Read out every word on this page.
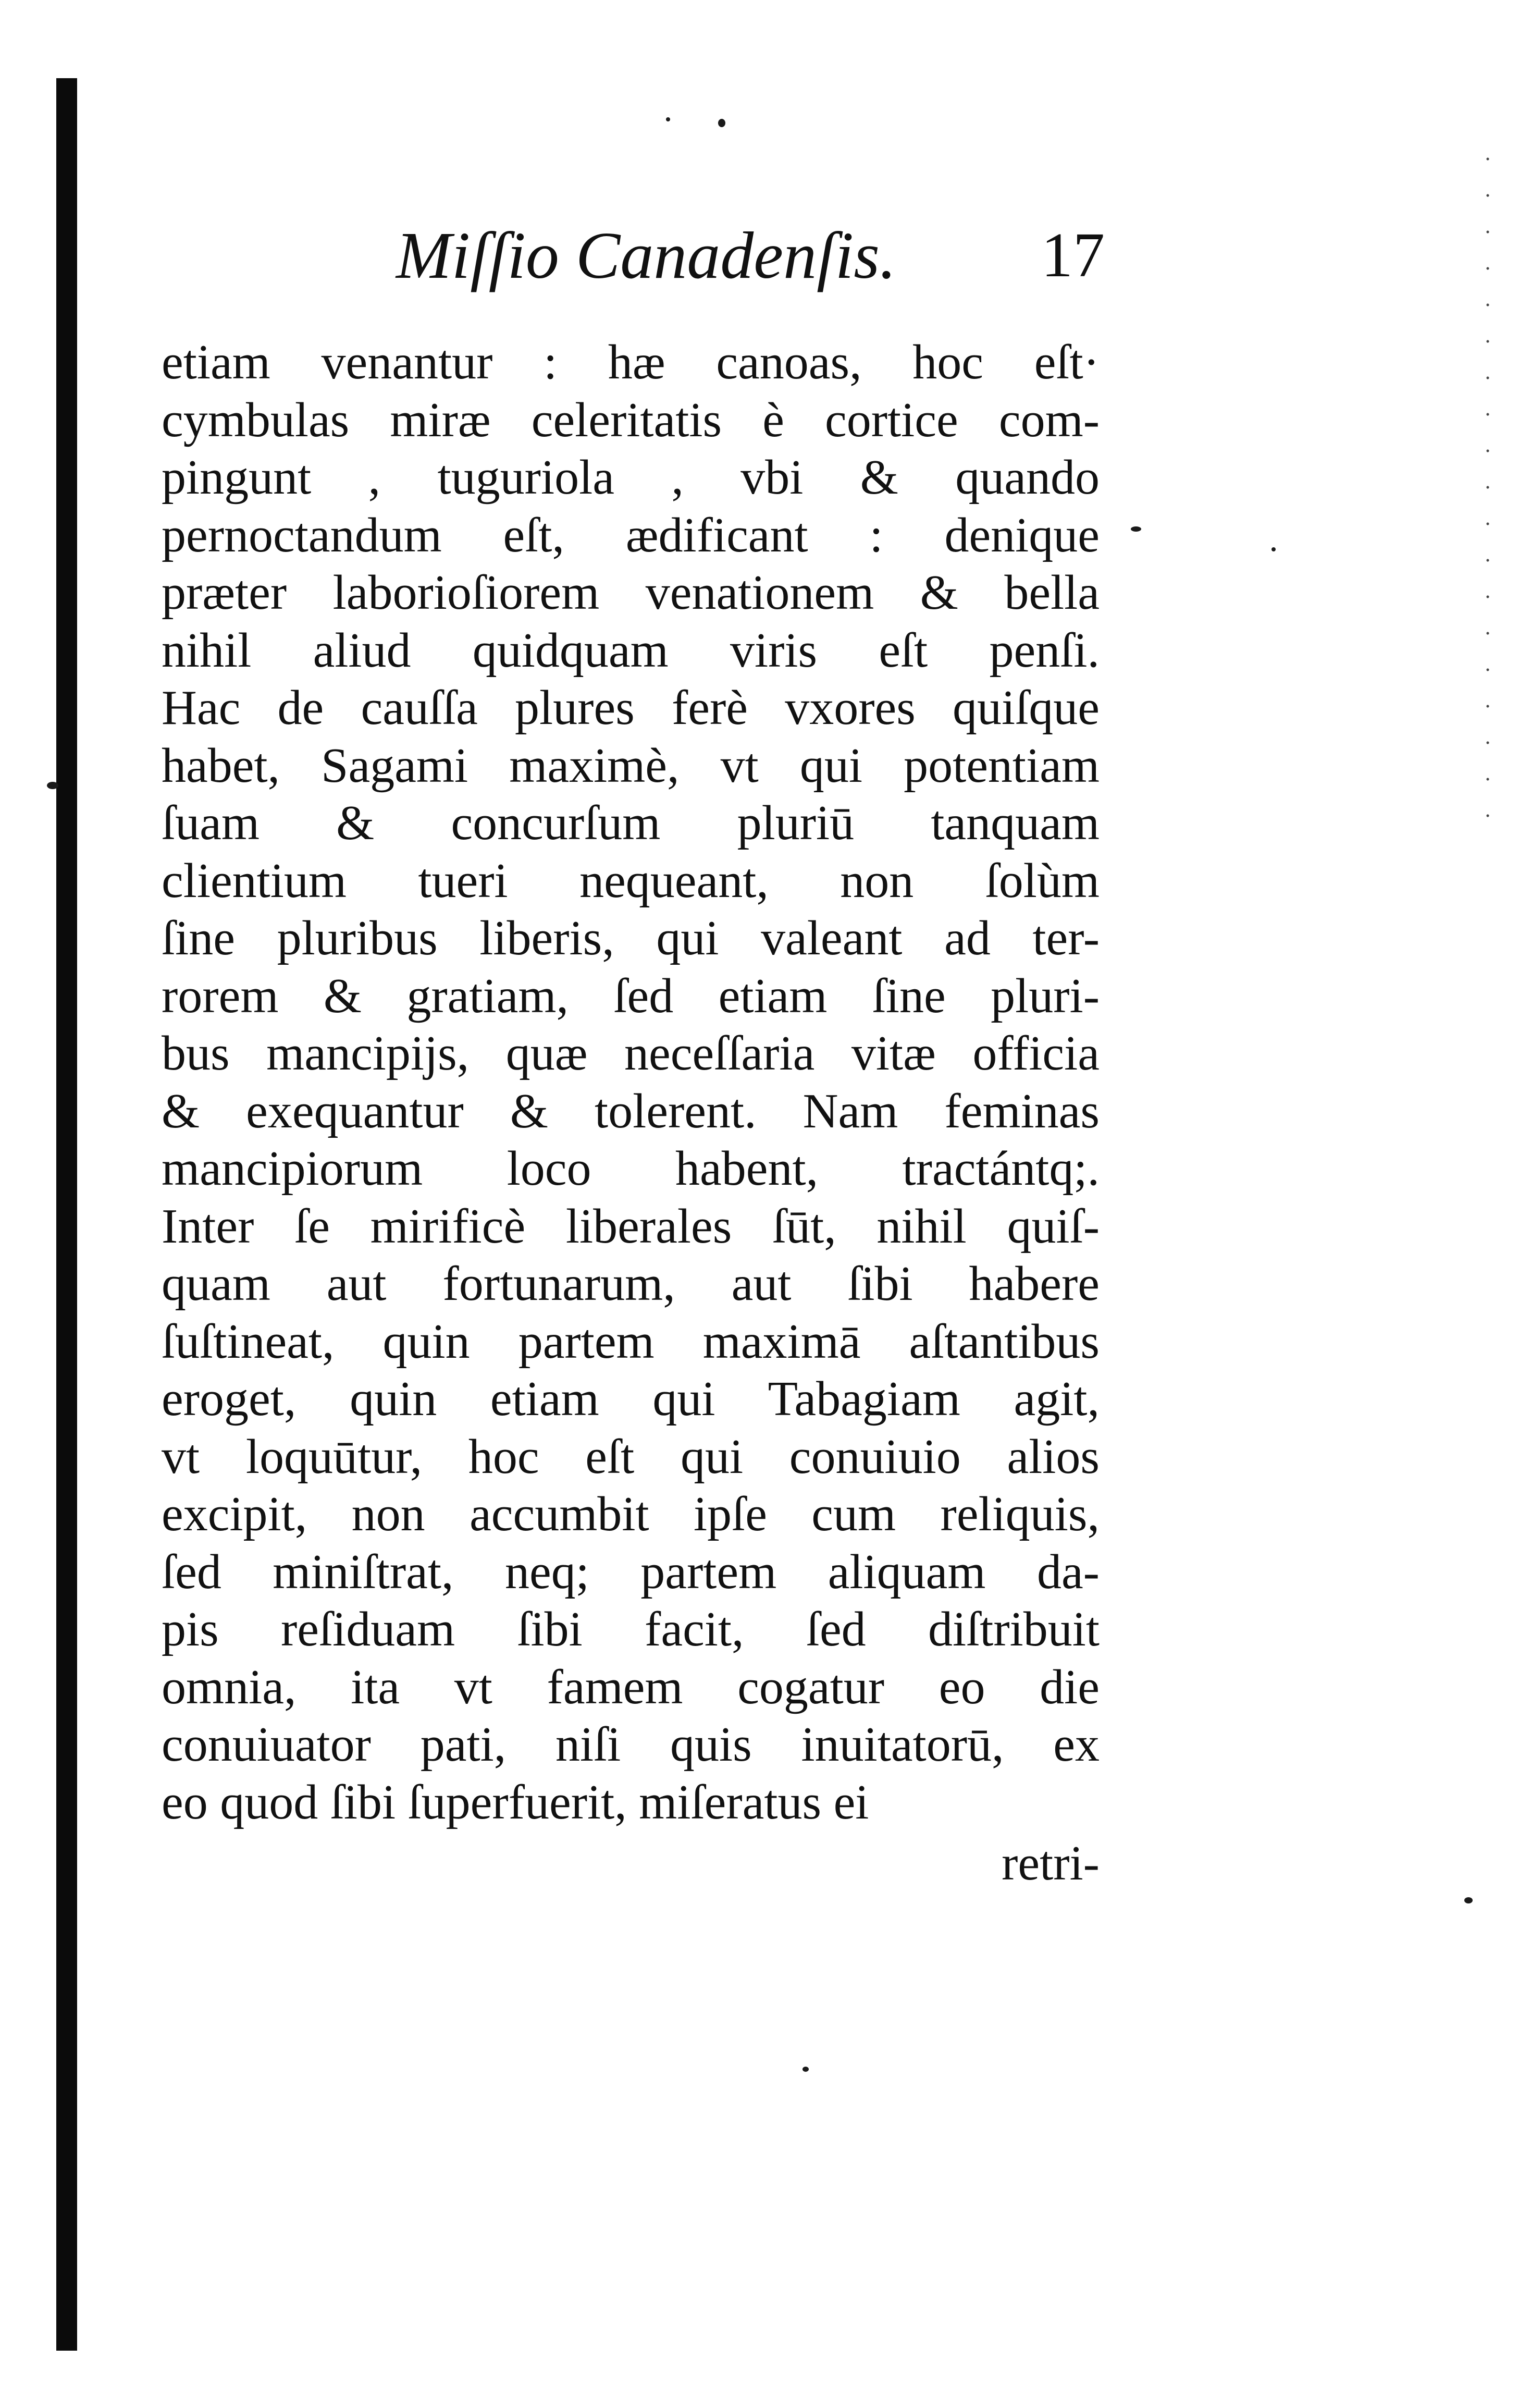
Miſſio Canadenſis. 17
etiam venantur : hæ canoas, hoc eſt·
cymbulas miræ celeritatis è cortice com-
pingunt , tuguriola , vbi & quando
pernoctandum eſt, ædificant : denique
præter laborioſiorem venationem & bella
nihil aliud quidquam viris eſt penſi.
Hac de cauſſa plures ferè vxores quiſque
habet, Sagami maximè, vt qui potentiam
ſuam & concurſum pluriū tanquam
clientium tueri nequeant, non ſolùm
ſine pluribus liberis, qui valeant ad ter-
rorem & gratiam, ſed etiam ſine pluri-
bus mancipijs, quæ neceſſaria vitæ officia
& exequantur & tolerent. Nam feminas
mancipiorum loco habent, tractántq;.
Inter ſe mirificè liberales ſūt, nihil quiſ-
quam aut fortunarum, aut ſibi habere
ſuſtineat, quin partem maximā aſtantibus
eroget, quin etiam qui Tabagiam agit,
vt loquūtur, hoc eſt qui conuiuio alios
excipit, non accumbit ipſe cum reliquis,
ſed miniſtrat, neq; partem aliquam da-
pis reſiduam ſibi facit, ſed diſtribuit
omnia, ita vt famem cogatur eo die
conuiuator pati, niſi quis inuitatorū, ex
eo quod ſibi ſuperfuerit, miſeratus ei
retri-
